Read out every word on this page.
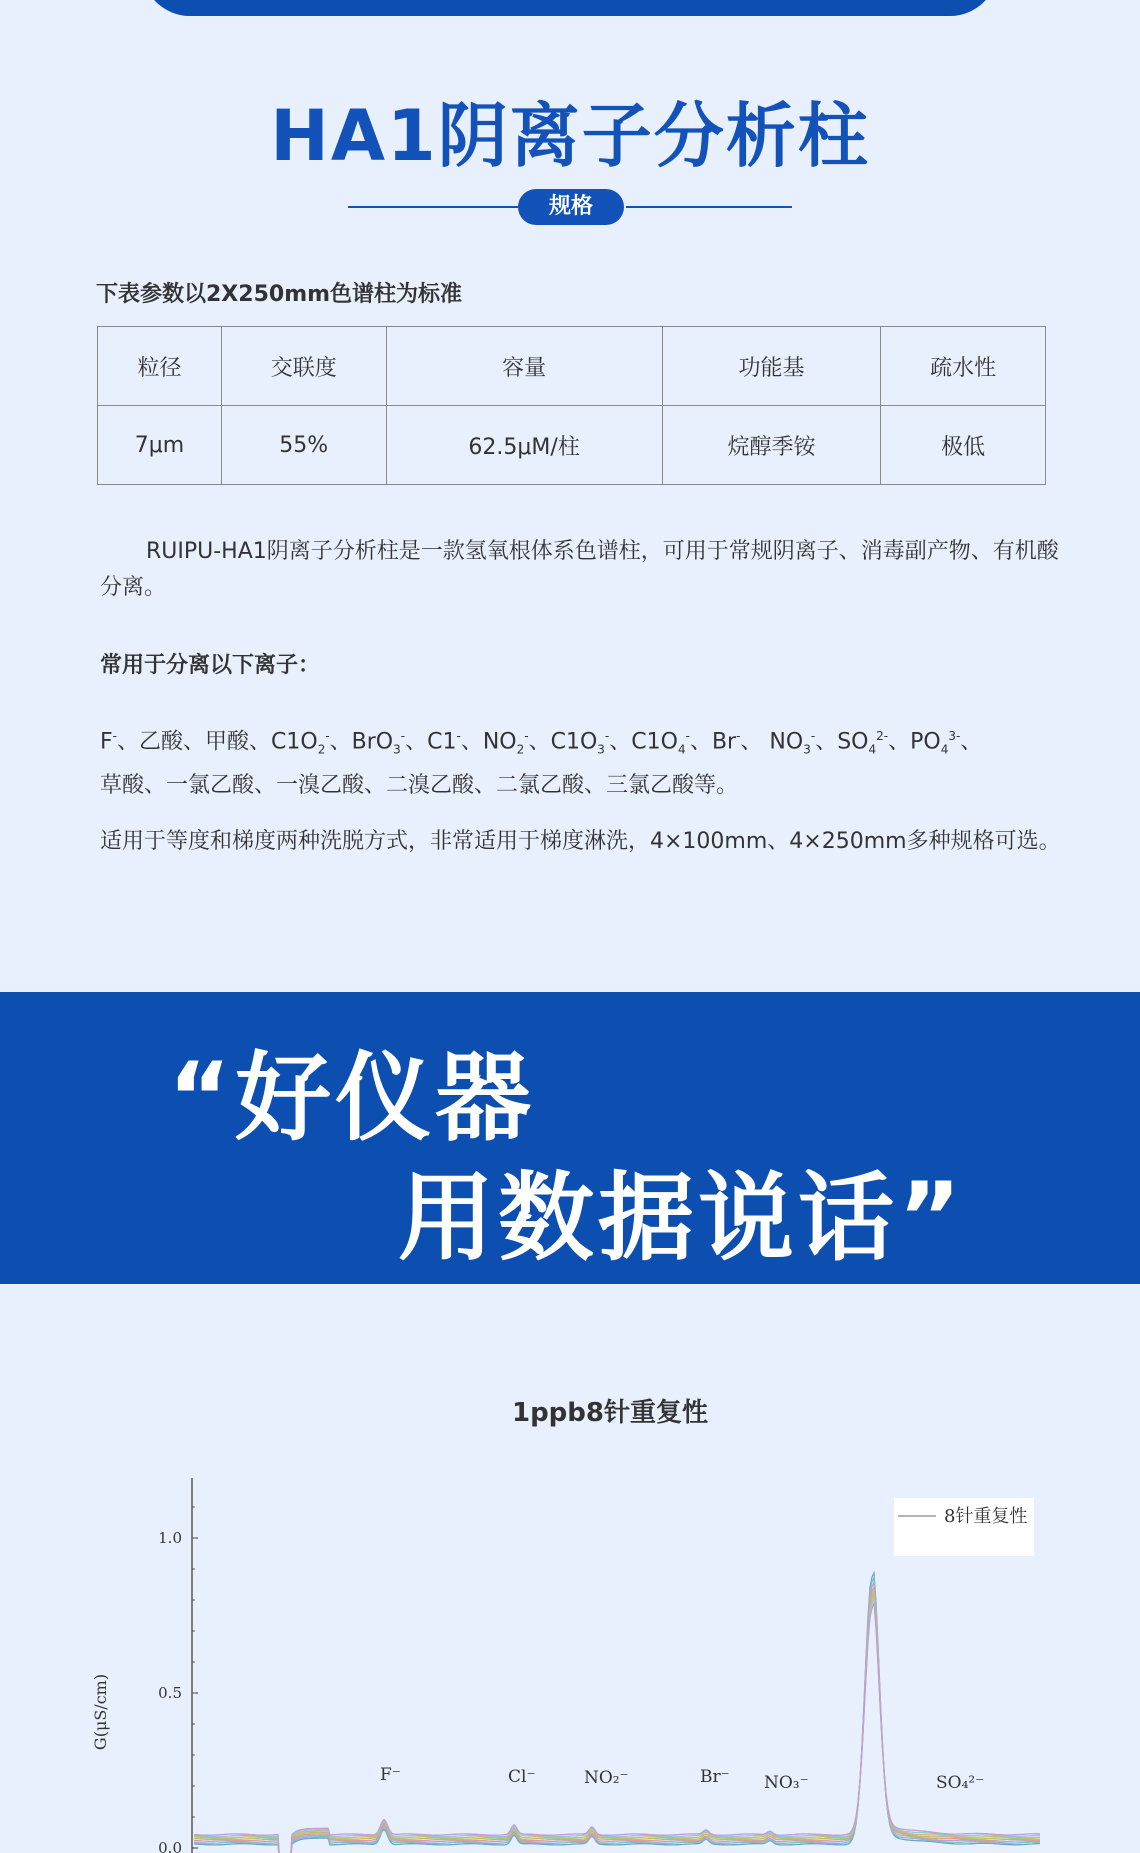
HA1阴离子分析柱
规格
下表参数以2X250mm色谱柱为标准
粒径	交联度	容量	功能基	疏水性
7μm	55%	62.5μM/柱	烷醇季铵	极低
RUIPU-HA1阴离子分析柱是一款氢氧根体系色谱柱，可用于常规阴离子、消毒副产物、有机酸分离。
常用于分离以下离子：
F-、乙酸、甲酸、$C1O_2^-$、BrO$_3$-、C1-、$NO_2^-$、$C1O_3^-$、$C1O_4^-$、Br-、 $NO_3^-$、$SO_4^{2-}$、$PO_4^{3-}$、
草酸、一氯乙酸、一溴乙酸、二溴乙酸、二氯乙酸、三氯乙酸等。
适用于等度和梯度两种洗脱方式，非常适用于梯度淋洗，4×100mm、4×250mm多种规格可选。
“好仪器
用数据说话”
1ppb8针重复性
1.0
0.5
0.0
G(μS/cm)
F⁻	Cl⁻	NO₂⁻	Br⁻ NO₃⁻	SO₄²⁻
8针重复性
